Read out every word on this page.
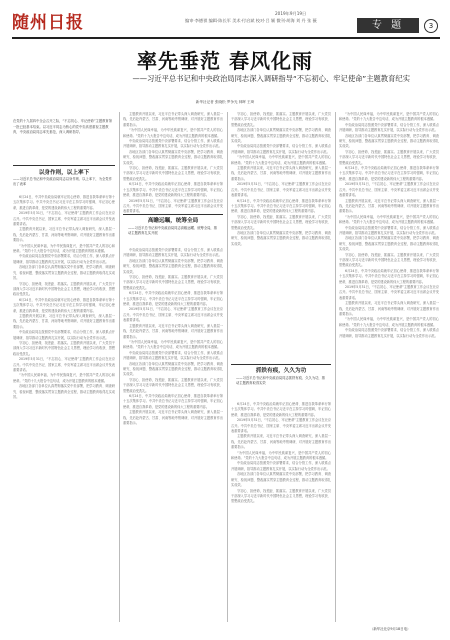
随州日报	2019年9月19日
编审·李德祺 编辑·陈长军 美术·付启斌 校对·吕 颖 微刊·胡海 刘 丹 张 薇	专 题	3
率先垂范 春风化雨
——习近平总书记和中央政治局同志深入调研指导“不忘初心、牢记使命”主题教育纪实
新华社记者 张晓松 罗争光 林晖 王琦
在党的十九届四中全会召开之际，“不忘初心、牢记使命”主题教育第一批已经基本结束。以习近平同志为核心的党中央高度重视主题教育，中央政治局同志率先垂范，深入调研指导。
以身作则，以上率下
——习近平总书记和中央政治局同志以身作则、以上率下，为全党作出了表率

6月24日，中共中央政治局就牢记初心使命、推进自我革命举行第十五次集体学习。中共中央总书记习近平在主持学习时强调，牢记初心使命，推进自我革命，是党的建设新的伟大工程的重要内容。

2019年5月31日，“不忘初心、牢记使命”主题教育工作会议在北京召开。中共中央总书记、国家主席、中央军委主席习近平出席会议并发表重要讲话。

主题教育开展以来，习近平总书记带头深入调查研究，深入基层一线，先后赴内蒙古、甘肃、河南等地考察调研，对开展好主题教育作出重要指示。

“为中国人民谋幸福，为中华民族谋复兴，是中国共产党人的初心和使命。”党的十九大报告中这句话，成为开展主题教育的根本遵循。

中央政治局同志按照党中央部署要求，结合分管工作，深入联系点开展调研，指导推动主题教育扎实开展，以实际行动为全党作出示范。

各地区各部门各单位认真贯彻落实党中央部署，把学习教育、调查研究、检视问题、整改落实贯穿主题教育全过程，推动主题教育取得扎实成效。

守初心、担使命，找差距、抓落实。主题教育开展以来，广大党员干部深入学习习近平新时代中国特色社会主义思想，理论学习有收获、思想政治受洗礼。

6月24日，中共中央政治局就牢记初心使命、推进自我革命举行第十五次集体学习。中共中央总书记习近平在主持学习时强调，牢记初心使命，推进自我革命，是党的建设新的伟大工程的重要内容。

主题教育开展以来，习近平总书记带头深入调查研究，深入基层一线，先后赴内蒙古、甘肃、河南等地考察调研，对开展好主题教育作出重要指示。

中央政治局同志按照党中央部署要求，结合分管工作，深入联系点开展调研，指导推动主题教育扎实开展，以实际行动为全党作出示范。

守初心、担使命，找差距、抓落实。主题教育开展以来，广大党员干部深入学习习近平新时代中国特色社会主义思想，理论学习有收获、思想政治受洗礼。

2019年5月31日，“不忘初心、牢记使命”主题教育工作会议在北京召开。中共中央总书记、国家主席、中央军委主席习近平出席会议并发表重要讲话。

“为中国人民谋幸福，为中华民族谋复兴，是中国共产党人的初心和使命。”党的十九大报告中这句话，成为开展主题教育的根本遵循。

各地区各部门各单位认真贯彻落实党中央部署，把学习教育、调查研究、检视问题、整改落实贯穿主题教育全过程，推动主题教育取得扎实成效。

主题教育开展以来，习近平总书记带头深入调查研究，深入基层一线，先后赴内蒙古、甘肃、河南等地考察调研，对开展好主题教育作出重要指示。

“为中国人民谋幸福，为中华民族谋复兴，是中国共产党人的初心和使命。”党的十九大报告中这句话，成为开展主题教育的根本遵循。

中央政治局同志按照党中央部署要求，结合分管工作，深入联系点开展调研，指导推动主题教育扎实开展，以实际行动为全党作出示范。

各地区各部门各单位认真贯彻落实党中央部署，把学习教育、调查研究、检视问题、整改落实贯穿主题教育全过程，推动主题教育取得扎实成效。

守初心、担使命，找差距、抓落实。主题教育开展以来，广大党员干部深入学习习近平新时代中国特色社会主义思想，理论学习有收获、思想政治受洗礼。

6月24日，中共中央政治局就牢记初心使命、推进自我革命举行第十五次集体学习。中共中央总书记习近平在主持学习时强调，牢记初心使命，推进自我革命，是党的建设新的伟大工程的重要内容。

2019年5月31日，“不忘初心、牢记使命”主题教育工作会议在北京召开。中共中央总书记、国家主席、中央军委主席习近平出席会议并发表重要讲话。

高瞻远瞩，统筹全局
——习近平总书记和中央政治局同志高瞻远瞩、统筹全局，推动主题教育扎实开展

中央政治局同志按照党中央部署要求，结合分管工作，深入联系点开展调研，指导推动主题教育扎实开展，以实际行动为全党作出示范。

各地区各部门各单位认真贯彻落实党中央部署，把学习教育、调查研究、检视问题、整改落实贯穿主题教育全过程，推动主题教育取得扎实成效。

守初心、担使命，找差距、抓落实。主题教育开展以来，广大党员干部深入学习习近平新时代中国特色社会主义思想，理论学习有收获、思想政治受洗礼。

6月24日，中共中央政治局就牢记初心使命、推进自我革命举行第十五次集体学习。中共中央总书记习近平在主持学习时强调，牢记初心使命，推进自我革命，是党的建设新的伟大工程的重要内容。

2019年5月31日，“不忘初心、牢记使命”主题教育工作会议在北京召开。中共中央总书记、国家主席、中央军委主席习近平出席会议并发表重要讲话。

主题教育开展以来，习近平总书记带头深入调查研究，深入基层一线，先后赴内蒙古、甘肃、河南等地考察调研，对开展好主题教育作出重要指示。

“为中国人民谋幸福，为中华民族谋复兴，是中国共产党人的初心和使命。”党的十九大报告中这句话，成为开展主题教育的根本遵循。

中央政治局同志按照党中央部署要求，结合分管工作，深入联系点开展调研，指导推动主题教育扎实开展，以实际行动为全党作出示范。

各地区各部门各单位认真贯彻落实党中央部署，把学习教育、调查研究、检视问题、整改落实贯穿主题教育全过程，推动主题教育取得扎实成效。

守初心、担使命，找差距、抓落实。主题教育开展以来，广大党员干部深入学习习近平新时代中国特色社会主义思想，理论学习有收获、思想政治受洗礼。

6月24日，中共中央政治局就牢记初心使命、推进自我革命举行第十五次集体学习。中共中央总书记习近平在主持学习时强调，牢记初心使命，推进自我革命，是党的建设新的伟大工程的重要内容。

主题教育开展以来，习近平总书记带头深入调查研究，深入基层一线，先后赴内蒙古、甘肃、河南等地考察调研，对开展好主题教育作出重要指示。

守初心、担使命，找差距、抓落实。主题教育开展以来，广大党员干部深入学习习近平新时代中国特色社会主义思想，理论学习有收获、思想政治受洗礼。

各地区各部门各单位认真贯彻落实党中央部署，把学习教育、调查研究、检视问题、整改落实贯穿主题教育全过程，推动主题教育取得扎实成效。

中央政治局同志按照党中央部署要求，结合分管工作，深入联系点开展调研，指导推动主题教育扎实开展，以实际行动为全党作出示范。

“为中国人民谋幸福，为中华民族谋复兴，是中国共产党人的初心和使命。”党的十九大报告中这句话，成为开展主题教育的根本遵循。

主题教育开展以来，习近平总书记带头深入调查研究，深入基层一线，先后赴内蒙古、甘肃、河南等地考察调研，对开展好主题教育作出重要指示。

2019年5月31日，“不忘初心、牢记使命”主题教育工作会议在北京召开。中共中央总书记、国家主席、中央军委主席习近平出席会议并发表重要讲话。

6月24日，中共中央政治局就牢记初心使命、推进自我革命举行第十五次集体学习。中共中央总书记习近平在主持学习时强调，牢记初心使命，推进自我革命，是党的建设新的伟大工程的重要内容。

守初心、担使命，找差距、抓落实。主题教育开展以来，广大党员干部深入学习习近平新时代中国特色社会主义思想，理论学习有收获、思想政治受洗礼。

各地区各部门各单位认真贯彻落实党中央部署，把学习教育、调查研究、检视问题、整改落实贯穿主题教育全过程，推动主题教育取得扎实成效。

抓铁有痕，久久为功
——习近平总书记和中央政治局同志抓铁有痕、久久为功，推动主题教育取得实效

6月24日，中共中央政治局就牢记初心使命、推进自我革命举行第十五次集体学习。中共中央总书记习近平在主持学习时强调，牢记初心使命，推进自我革命，是党的建设新的伟大工程的重要内容。

2019年5月31日，“不忘初心、牢记使命”主题教育工作会议在北京召开。中共中央总书记、国家主席、中央军委主席习近平出席会议并发表重要讲话。

主题教育开展以来，习近平总书记带头深入调查研究，深入基层一线，先后赴内蒙古、甘肃、河南等地考察调研，对开展好主题教育作出重要指示。

“为中国人民谋幸福，为中华民族谋复兴，是中国共产党人的初心和使命。”党的十九大报告中这句话，成为开展主题教育的根本遵循。

中央政治局同志按照党中央部署要求，结合分管工作，深入联系点开展调研，指导推动主题教育扎实开展，以实际行动为全党作出示范。

各地区各部门各单位认真贯彻落实党中央部署，把学习教育、调查研究、检视问题、整改落实贯穿主题教育全过程，推动主题教育取得扎实成效。

守初心、担使命，找差距、抓落实。主题教育开展以来，广大党员干部深入学习习近平新时代中国特色社会主义思想，理论学习有收获、思想政治受洗礼。

“为中国人民谋幸福，为中华民族谋复兴，是中国共产党人的初心和使命。”党的十九大报告中这句话，成为开展主题教育的根本遵循。

中央政治局同志按照党中央部署要求，结合分管工作，深入联系点开展调研，指导推动主题教育扎实开展，以实际行动为全党作出示范。

各地区各部门各单位认真贯彻落实党中央部署，把学习教育、调查研究、检视问题、整改落实贯穿主题教育全过程，推动主题教育取得扎实成效。

守初心、担使命，找差距、抓落实。主题教育开展以来，广大党员干部深入学习习近平新时代中国特色社会主义思想，理论学习有收获、思想政治受洗礼。

6月24日，中共中央政治局就牢记初心使命、推进自我革命举行第十五次集体学习。中共中央总书记习近平在主持学习时强调，牢记初心使命，推进自我革命，是党的建设新的伟大工程的重要内容。

2019年5月31日，“不忘初心、牢记使命”主题教育工作会议在北京召开。中共中央总书记、国家主席、中央军委主席习近平出席会议并发表重要讲话。

主题教育开展以来，习近平总书记带头深入调查研究，深入基层一线，先后赴内蒙古、甘肃、河南等地考察调研，对开展好主题教育作出重要指示。

“为中国人民谋幸福，为中华民族谋复兴，是中国共产党人的初心和使命。”党的十九大报告中这句话，成为开展主题教育的根本遵循。

中央政治局同志按照党中央部署要求，结合分管工作，深入联系点开展调研，指导推动主题教育扎实开展，以实际行动为全党作出示范。

各地区各部门各单位认真贯彻落实党中央部署，把学习教育、调查研究、检视问题、整改落实贯穿主题教育全过程，推动主题教育取得扎实成效。

守初心、担使命，找差距、抓落实。主题教育开展以来，广大党员干部深入学习习近平新时代中国特色社会主义思想，理论学习有收获、思想政治受洗礼。

6月24日，中共中央政治局就牢记初心使命、推进自我革命举行第十五次集体学习。中共中央总书记习近平在主持学习时强调，牢记初心使命，推进自我革命，是党的建设新的伟大工程的重要内容。

2019年5月31日，“不忘初心、牢记使命”主题教育工作会议在北京召开。中共中央总书记、国家主席、中央军委主席习近平出席会议并发表重要讲话。

主题教育开展以来，习近平总书记带头深入调查研究，深入基层一线，先后赴内蒙古、甘肃、河南等地考察调研，对开展好主题教育作出重要指示。

“为中国人民谋幸福，为中华民族谋复兴，是中国共产党人的初心和使命。”党的十九大报告中这句话，成为开展主题教育的根本遵循。

中央政治局同志按照党中央部署要求，结合分管工作，深入联系点开展调研，指导推动主题教育扎实开展，以实际行动为全党作出示范。

（新华社北京9月18日电）
